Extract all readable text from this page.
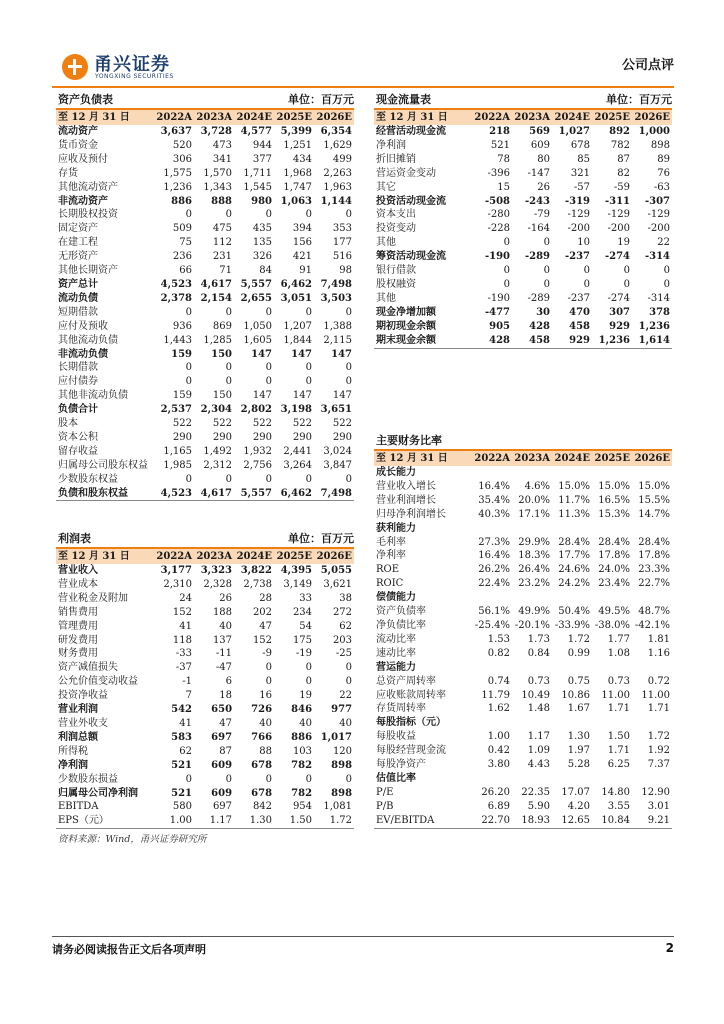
甬兴证券
YONGXING SECURITIES
公司点评
资产负债表			单位：百万元		
至 12 月 31 日	2022A	2023A	2024E	2025E	2026E
流动资产	3,637	3,728	4,577	5,399	6,354
货币资金	520	473	944	1,251	1,629
应收及预付	306	341	377	434	499
存货	1,575	1,570	1,711	1,968	2,263
其他流动资产	1,236	1,343	1,545	1,747	1,963
非流动资产	886	888	980	1,063	1,144
长期股权投资	0	0	0	0	0
固定资产	509	475	435	394	353
在建工程	75	112	135	156	177
无形资产	236	231	326	421	516
其他长期资产	66	71	84	91	98
资产总计	4,523	4,617	5,557	6,462	7,498
流动负债	2,378	2,154	2,655	3,051	3,503
短期借款	0	0	0	0	0
应付及预收	936	869	1,050	1,207	1,388
其他流动负债	1,443	1,285	1,605	1,844	2,115
非流动负债	159	150	147	147	147
长期借款	0	0	0	0	0
应付债券	0	0	0	0	0
其他非流动负债	159	150	147	147	147
负债合计	2,537	2,304	2,802	3,198	3,651
股本	522	522	522	522	522
资本公积	290	290	290	290	290
留存收益	1,165	1,492	1,932	2,441	3,024
归属母公司股东权益	1,985	2,312	2,756	3,264	3,847
少数股东权益	0	0	0	0	0
负债和股东权益	4,523	4,617	5,557	6,462	7,498
现金流量表			单位：百万元		
至 12 月 31 日	2022A	2023A	2024E	2025E	2026E
经营活动现金流	218	569	1,027	892	1,000
净利润	521	609	678	782	898
折旧摊销	78	80	85	87	89
营运资金变动	-396	-147	321	82	76
其它	15	26	-57	-59	-63
投资活动现金流	-508	-243	-319	-311	-307
资本支出	-280	-79	-129	-129	-129
投资变动	-228	-164	-200	-200	-200
其他	0	0	10	19	22
筹资活动现金流	-190	-289	-237	-274	-314
银行借款	0	0	0	0	0
股权融资	0	0	0	0	0
其他	-190	-289	-237	-274	-314
现金净增加额	-477	30	470	307	378
期初现金余额	905	428	458	929	1,236
期末现金余额	428	458	929	1,236	1,614
利润表			单位：百万元		
至 12 月 31 日	2022A	2023A	2024E	2025E	2026E
营业收入	3,177	3,323	3,822	4,395	5,055
营业成本	2,310	2,328	2,738	3,149	3,621
营业税金及附加	24	26	28	33	38
销售费用	152	188	202	234	272
管理费用	41	40	47	54	62
研发费用	118	137	152	175	203
财务费用	-33	-11	-9	-19	-25
资产减值损失	-37	-47	0	0	0
公允价值变动收益	-1	6	0	0	0
投资净收益	7	18	16	19	22
营业利润	542	650	726	846	977
营业外收支	41	47	40	40	40
利润总额	583	697	766	886	1,017
所得税	62	87	88	103	120
净利润	521	609	678	782	898
少数股东损益	0	0	0	0	0
归属母公司净利润	521	609	678	782	898
EBITDA	580	697	842	954	1,081
EPS（元）	1.00	1.17	1.30	1.50	1.72
主要财务比率					
至 12 月 31 日	2022A	2023A	2024E	2025E	2026E
成长能力					
营业收入增长	16.4%	4.6%	15.0%	15.0%	15.0%
营业利润增长	35.4%	20.0%	11.7%	16.5%	15.5%
归母净利润增长	40.3%	17.1%	11.3%	15.3%	14.7%
获利能力					
毛利率	27.3%	29.9%	28.4%	28.4%	28.4%
净利率	16.4%	18.3%	17.7%	17.8%	17.8%
ROE	26.2%	26.4%	24.6%	24.0%	23.3%
ROIC	22.4%	23.2%	24.2%	23.4%	22.7%
偿债能力					
资产负债率	56.1%	49.9%	50.4%	49.5%	48.7%
净负债比率	-25.4%	-20.1%	-33.9%	-38.0%	-42.1%
流动比率	1.53	1.73	1.72	1.77	1.81
速动比率	0.82	0.84	0.99	1.08	1.16
营运能力					
总资产周转率	0.74	0.73	0.75	0.73	0.72
应收账款周转率	11.79	10.49	10.86	11.00	11.00
存货周转率	1.62	1.48	1.67	1.71	1.71
每股指标（元）					
每股收益	1.00	1.17	1.30	1.50	1.72
每股经营现金流	0.42	1.09	1.97	1.71	1.92
每股净资产	3.80	4.43	5.28	6.25	7.37
估值比率					
P/E	26.20	22.35	17.07	14.80	12.90
P/B	6.89	5.90	4.20	3.55	3.01
EV/EBITDA	22.70	18.93	12.65	10.84	9.21
资料来源：Wind，甬兴证券研究所
请务必阅读报告正文后各项声明	2
